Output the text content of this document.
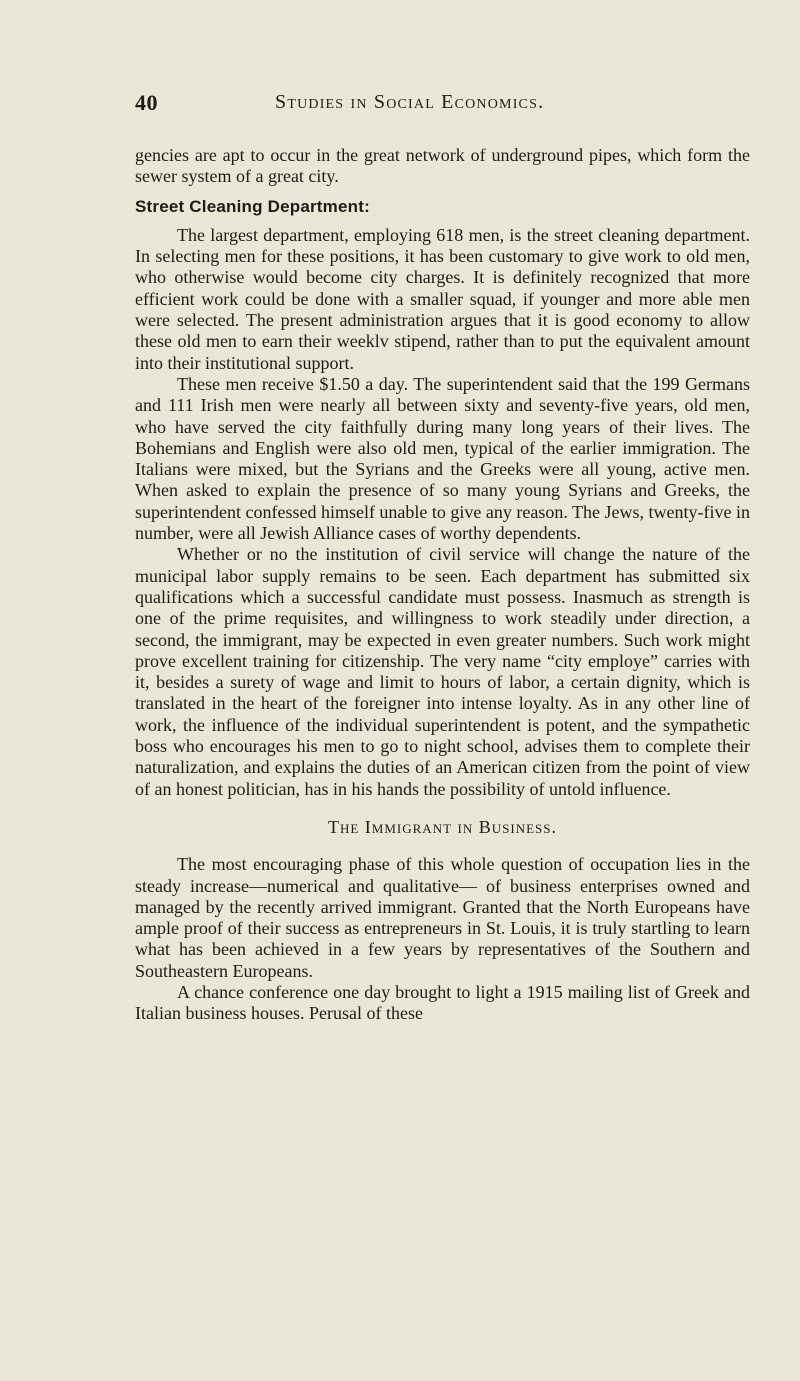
40	Studies in Social Economics.

gencies are apt to occur in the great network of underground pipes, which form the sewer system of a great city.

Street Cleaning Department:

The largest department, employing 618 men, is the street cleaning department. In selecting men for these positions, it has been customary to give work to old men, who otherwise would become city charges. It is definitely recognized that more efficient work could be done with a smaller squad, if younger and more able men were selected. The present administration argues that it is good economy to allow these old men to earn their weeklv stipend, rather than to put the equivalent amount into their institutional support.

These men receive $1.50 a day. The superintendent said that the 199 Germans and 111 Irish men were nearly all between sixty and seventy-five years, old men, who have served the city faithfully during many long years of their lives. The Bohemians and English were also old men, typical of the earlier immigration. The Italians were mixed, but the Syrians and the Greeks were all young, active men. When asked to explain the presence of so many young Syrians and Greeks, the superintendent confessed himself unable to give any reason. The Jews, twenty-five in number, were all Jewish Alliance cases of worthy dependents.

Whether or no the institution of civil service will change the nature of the municipal labor supply remains to be seen. Each department has submitted six qualifications which a successful candidate must possess. Inasmuch as strength is one of the prime requisites, and willingness to work steadily under direction, a second, the immigrant, may be expected in even greater numbers. Such work might prove excellent training for citizenship. The very name “city employe” carries with it, besides a surety of wage and limit to hours of labor, a certain dignity, which is translated in the heart of the foreigner into intense loyalty. As in any other line of work, the influence of the individual superintendent is potent, and the sympathetic boss who encourages his men to go to night school, advises them to complete their naturalization, and explains the duties of an American citizen from the point of view of an honest politician, has in his hands the possibility of untold influence.

The Immigrant in Business.

The most encouraging phase of this whole question of occupation lies in the steady increase—numerical and qualitative— of business enterprises owned and managed by the recently arrived immigrant. Granted that the North Europeans have ample proof of their success as entrepreneurs in St. Louis, it is truly startling to learn what has been achieved in a few years by representatives of the Southern and Southeastern Europeans.

A chance conference one day brought to light a 1915 mailing list of Greek and Italian business houses. Perusal of these
